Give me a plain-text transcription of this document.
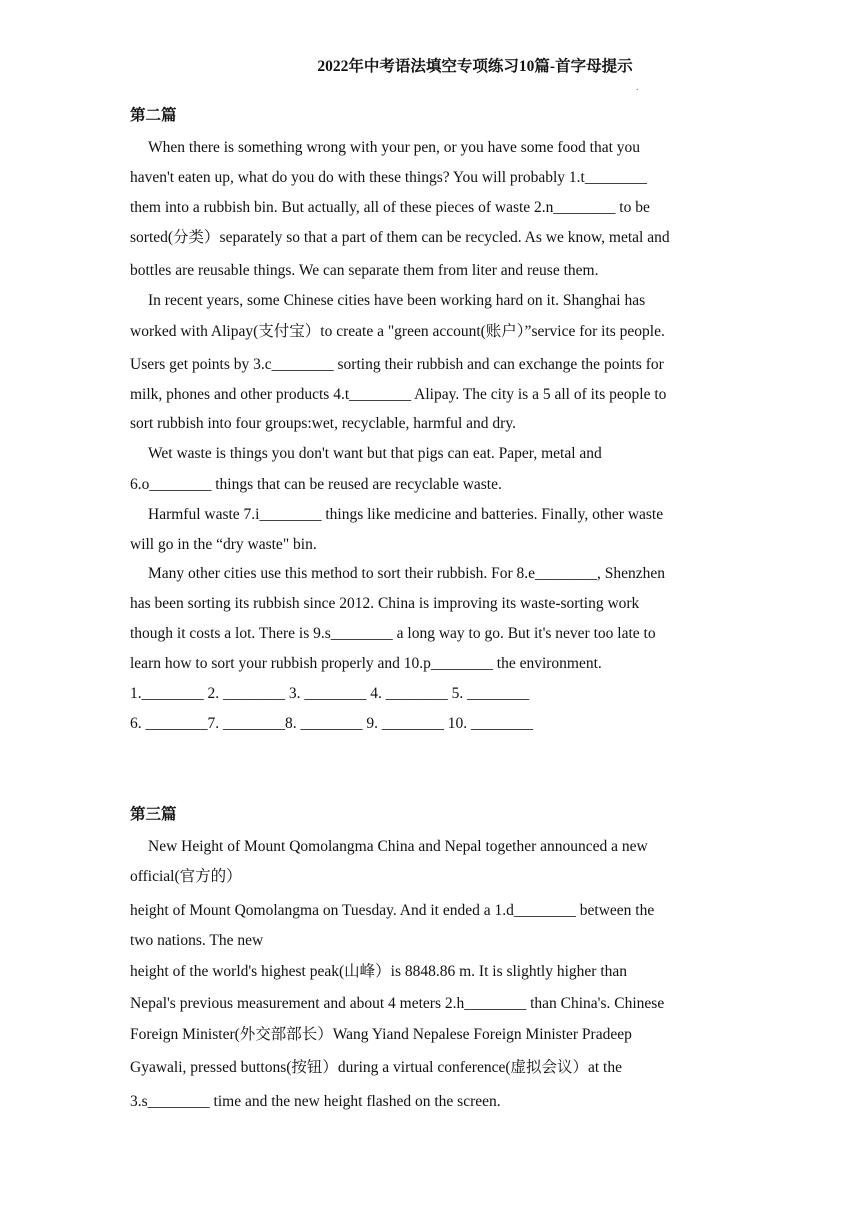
2022年中考语法填空专项练习10篇-首字母提示
.
第二篇
When there is something wrong with your pen, or you have some food that you
haven't eaten up, what do you do with these things? You will probably 1.t________
them into a rubbish bin. But actually, all of these pieces of waste 2.n________ to be
sorted(分类）separately so that a part of them can be recycled. As we know, metal and
bottles are reusable things. We can separate them from liter and reuse them.
In recent years, some Chinese cities have been working hard on it. Shanghai has
worked with Alipay(支付宝）to create a "green account(账户）”service for its people.
Users get points by 3.c________ sorting their rubbish and can exchange the points for
milk, phones and other products 4.t________ Alipay. The city is a 5 all of its people to
sort rubbish into four groups:wet, recyclable, harmful and dry.
Wet waste is things you don't want but that pigs can eat. Paper, metal and
6.o________ things that can be reused are recyclable waste.
Harmful waste 7.i________ things like medicine and batteries. Finally, other waste
will go in the “dry waste" bin.
Many other cities use this method to sort their rubbish. For 8.e________, Shenzhen
has been sorting its rubbish since 2012. China is improving its waste-sorting work
though it costs a lot. There is 9.s________ a long way to go. But it's never too late to
learn how to sort your rubbish properly and 10.p________ the environment.
1.________ 2. ________ 3. ________ 4. ________ 5. ________
6. ________7. ________8. ________ 9. ________ 10. ________
第三篇
New Height of Mount Qomolangma China and Nepal together announced a new
official(官方的）
height of Mount Qomolangma on Tuesday. And it ended a 1.d________ between the
two nations. The new
height of the world's highest peak(山峰）is 8848.86 m. It is slightly higher than
Nepal's previous measurement and about 4 meters 2.h________ than China's. Chinese
Foreign Minister(外交部部长）Wang Yiand Nepalese Foreign Minister Pradeep
Gyawali, pressed buttons(按钮）during a virtual conference(虚拟会议）at the
3.s________ time and the new height flashed on the screen.
